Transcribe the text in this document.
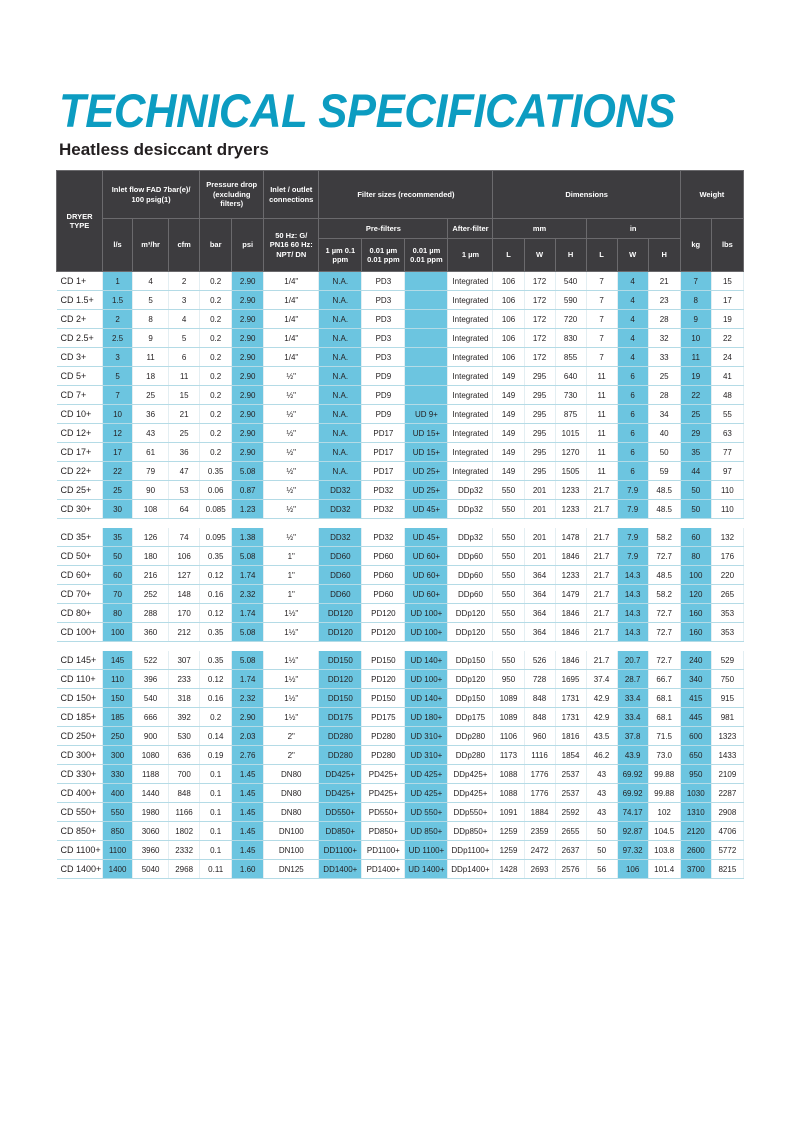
TECHNICAL SPECIFICATIONS
Heatless desiccant dryers
DRYER TYPE	Inlet flow FAD 7bar(e)/ 100 psig(1)			Pressure drop (excluding filters)		Inlet / outlet connections	Filter sizes (recommended)				Dimensions						Weight	
	l/s	m³/hr	cfm	bar	psi	50 Hz: G/ PN16 60 Hz: NPT/ DN	Pre-filters			After-filter	mm			in			kg	lbs
							1 µm 0.1 ppm	0.01 µm 0.01 ppm	0.01 µm 0.01 ppm	1 µm	L	W	H	L	W	H		
CD 1+	1	4	2	0.2	2.90	1/4"	N.A.	PD3		Integrated	106	172	540	7	4	21	7	15
CD 1.5+	1.5	5	3	0.2	2.90	1/4"	N.A.	PD3		Integrated	106	172	590	7	4	23	8	17
CD 2+	2	8	4	0.2	2.90	1/4"	N.A.	PD3		Integrated	106	172	720	7	4	28	9	19
CD 2.5+	2.5	9	5	0.2	2.90	1/4"	N.A.	PD3		Integrated	106	172	830	7	4	32	10	22
CD 3+	3	11	6	0.2	2.90	1/4"	N.A.	PD3		Integrated	106	172	855	7	4	33	11	24
CD 5+	5	18	11	0.2	2.90	½"	N.A.	PD9		Integrated	149	295	640	11	6	25	19	41
CD 7+	7	25	15	0.2	2.90	½"	N.A.	PD9		Integrated	149	295	730	11	6	28	22	48
CD 10+	10	36	21	0.2	2.90	½"	N.A.	PD9	UD 9+	Integrated	149	295	875	11	6	34	25	55
CD 12+	12	43	25	0.2	2.90	½"	N.A.	PD17	UD 15+	Integrated	149	295	1015	11	6	40	29	63
CD 17+	17	61	36	0.2	2.90	½"	N.A.	PD17	UD 15+	Integrated	149	295	1270	11	6	50	35	77
CD 22+	22	79	47	0.35	5.08	½"	N.A.	PD17	UD 25+	Integrated	149	295	1505	11	6	59	44	97
CD 25+	25	90	53	0.06	0.87	½"	DD32	PD32	UD 25+	DDp32	550	201	1233	21.7	7.9	48.5	50	110
CD 30+	30	108	64	0.085	1.23	½"	DD32	PD32	UD 45+	DDp32	550	201	1233	21.7	7.9	48.5	50	110

CD 35+	35	126	74	0.095	1.38	½"	DD32	PD32	UD 45+	DDp32	550	201	1478	21.7	7.9	58.2	60	132
CD 50+	50	180	106	0.35	5.08	1"	DD60	PD60	UD 60+	DDp60	550	201	1846	21.7	7.9	72.7	80	176
CD 60+	60	216	127	0.12	1.74	1"	DD60	PD60	UD 60+	DDp60	550	364	1233	21.7	14.3	48.5	100	220
CD 70+	70	252	148	0.16	2.32	1"	DD60	PD60	UD 60+	DDp60	550	364	1479	21.7	14.3	58.2	120	265
CD 80+	80	288	170	0.12	1.74	1½"	DD120	PD120	UD 100+	DDp120	550	364	1846	21.7	14.3	72.7	160	353
CD 100+	100	360	212	0.35	5.08	1½"	DD120	PD120	UD 100+	DDp120	550	364	1846	21.7	14.3	72.7	160	353

CD 145+	145	522	307	0.35	5.08	1½"	DD150	PD150	UD 140+	DDp150	550	526	1846	21.7	20.7	72.7	240	529
CD 110+	110	396	233	0.12	1.74	1½"	DD120	PD120	UD 100+	DDp120	950	728	1695	37.4	28.7	66.7	340	750
CD 150+	150	540	318	0.16	2.32	1½"	DD150	PD150	UD 140+	DDp150	1089	848	1731	42.9	33.4	68.1	415	915
CD 185+	185	666	392	0.2	2.90	1½"	DD175	PD175	UD 180+	DDp175	1089	848	1731	42.9	33.4	68.1	445	981
CD 250+	250	900	530	0.14	2.03	2"	DD280	PD280	UD 310+	DDp280	1106	960	1816	43.5	37.8	71.5	600	1323
CD 300+	300	1080	636	0.19	2.76	2"	DD280	PD280	UD 310+	DDp280	1173	1116	1854	46.2	43.9	73.0	650	1433
CD 330+	330	1188	700	0.1	1.45	DN80	DD425+	PD425+	UD 425+	DDp425+	1088	1776	2537	43	69.92	99.88	950	2109
CD 400+	400	1440	848	0.1	1.45	DN80	DD425+	PD425+	UD 425+	DDp425+	1088	1776	2537	43	69.92	99.88	1030	2287
CD 550+	550	1980	1166	0.1	1.45	DN80	DD550+	PD550+	UD 550+	DDp550+	1091	1884	2592	43	74.17	102	1310	2908
CD 850+	850	3060	1802	0.1	1.45	DN100	DD850+	PD850+	UD 850+	DDp850+	1259	2359	2655	50	92.87	104.5	2120	4706
CD 1100+	1100	3960	2332	0.1	1.45	DN100	DD1100+	PD1100+	UD 1100+	DDp1100+	1259	2472	2637	50	97.32	103.8	2600	5772
CD 1400+	1400	5040	2968	0.11	1.60	DN125	DD1400+	PD1400+	UD 1400+	DDp1400+	1428	2693	2576	56	106	101.4	3700	8215
